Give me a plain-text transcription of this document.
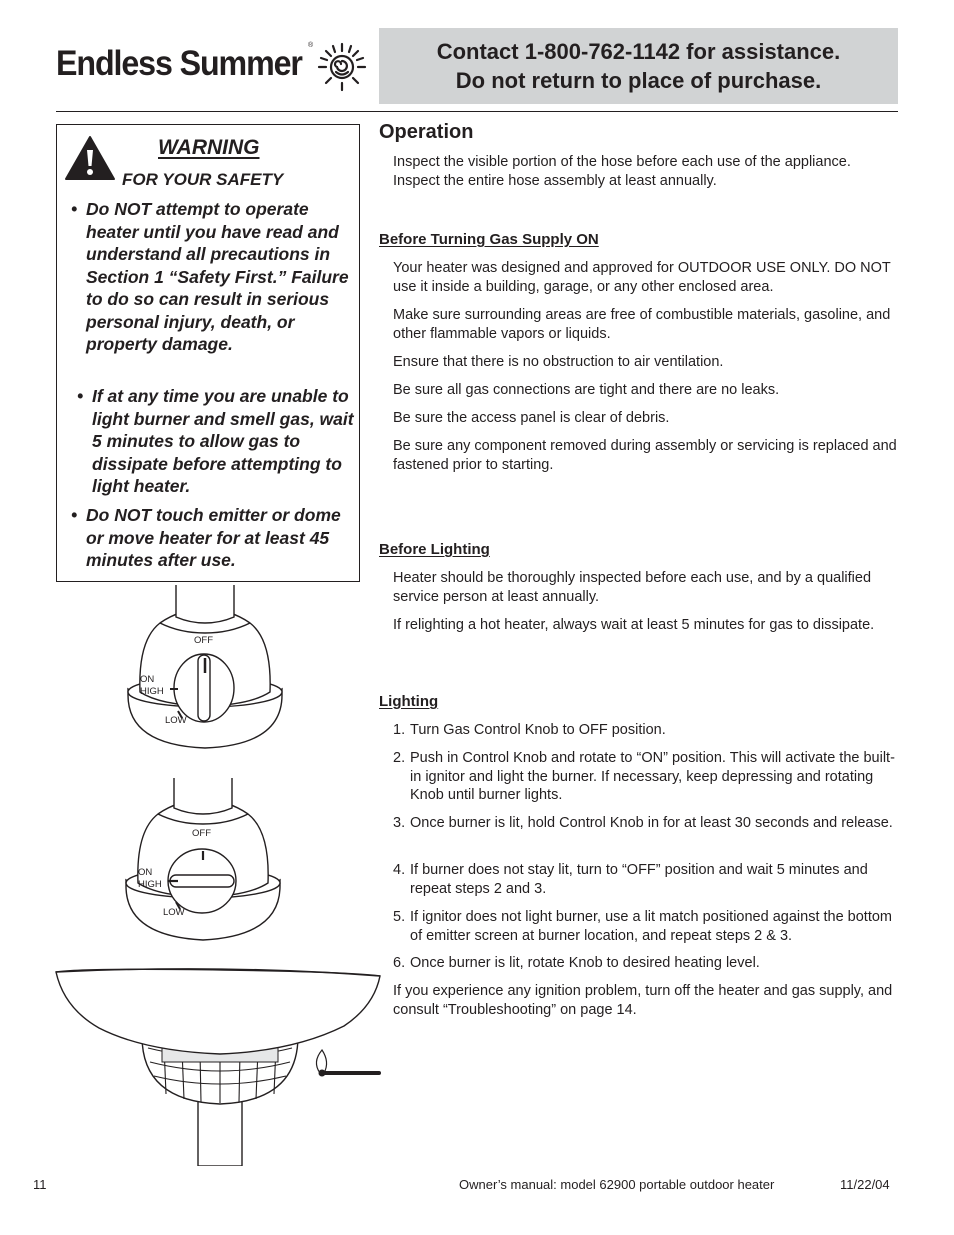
Endless Summer ®	Contact 1-800-762-1142 for assistance.
Do not return to place of purchase.
WARNING
FOR YOUR SAFETY
• Do NOT attempt to operate heater until you have read and understand all precautions in Section 1 “Safety First.” Failure to do so can result in serious personal injury, death, or property damage.
• If at any time you are unable to light burner and smell gas, wait 5 minutes to allow gas to dissipate before attempting to light heater.
• Do NOT touch emitter or dome or move heater for at least 45 minutes after use.
Operation
Inspect the visible portion of the hose before each use of the appliance.
Inspect the entire hose assembly at least annually.
Before Turning Gas Supply ON
Your heater was designed and approved for OUTDOOR USE ONLY. DO NOT use it inside a building, garage, or any other enclosed area.
Make sure surrounding areas are free of combustible materials, gasoline, and other flammable vapors or liquids.
Ensure that there is no obstruction to air ventilation.
Be sure all gas connections are tight and there are no leaks.
Be sure the access panel is clear of debris.
Be sure any component removed during assembly or servicing is replaced and fastened prior to starting.
Before Lighting
Heater should be thoroughly inspected before each use, and by a qualified service person at least annually.
If relighting a hot heater, always wait at least 5 minutes for gas to dissipate.
Lighting
1. Turn Gas Control Knob to OFF position.
2. Push in Control Knob and rotate to “ON” position. This will activate the built-in ignitor and light the burner. If necessary, keep depressing and rotating Knob until burner lights.
3. Once burner is lit, hold Control Knob in for at least 30 seconds and release.
4. If burner does not stay lit, turn to “OFF” position and wait 5 minutes and repeat steps 2 and 3.
5. If ignitor does not light burner, use a lit match positioned against the bottom of emitter screen at burner location, and repeat steps 2 & 3.
6. Once burner is lit, rotate Knob to desired heating level.
If you experience any ignition problem, turn off the heater and gas supply, and consult “Troubleshooting” on page 14.
OFF
ON
HIGH
LOW
OFF
ON
HIGH
LOW
11	Owner’s manual: model 62900 portable outdoor heater	11/22/04
